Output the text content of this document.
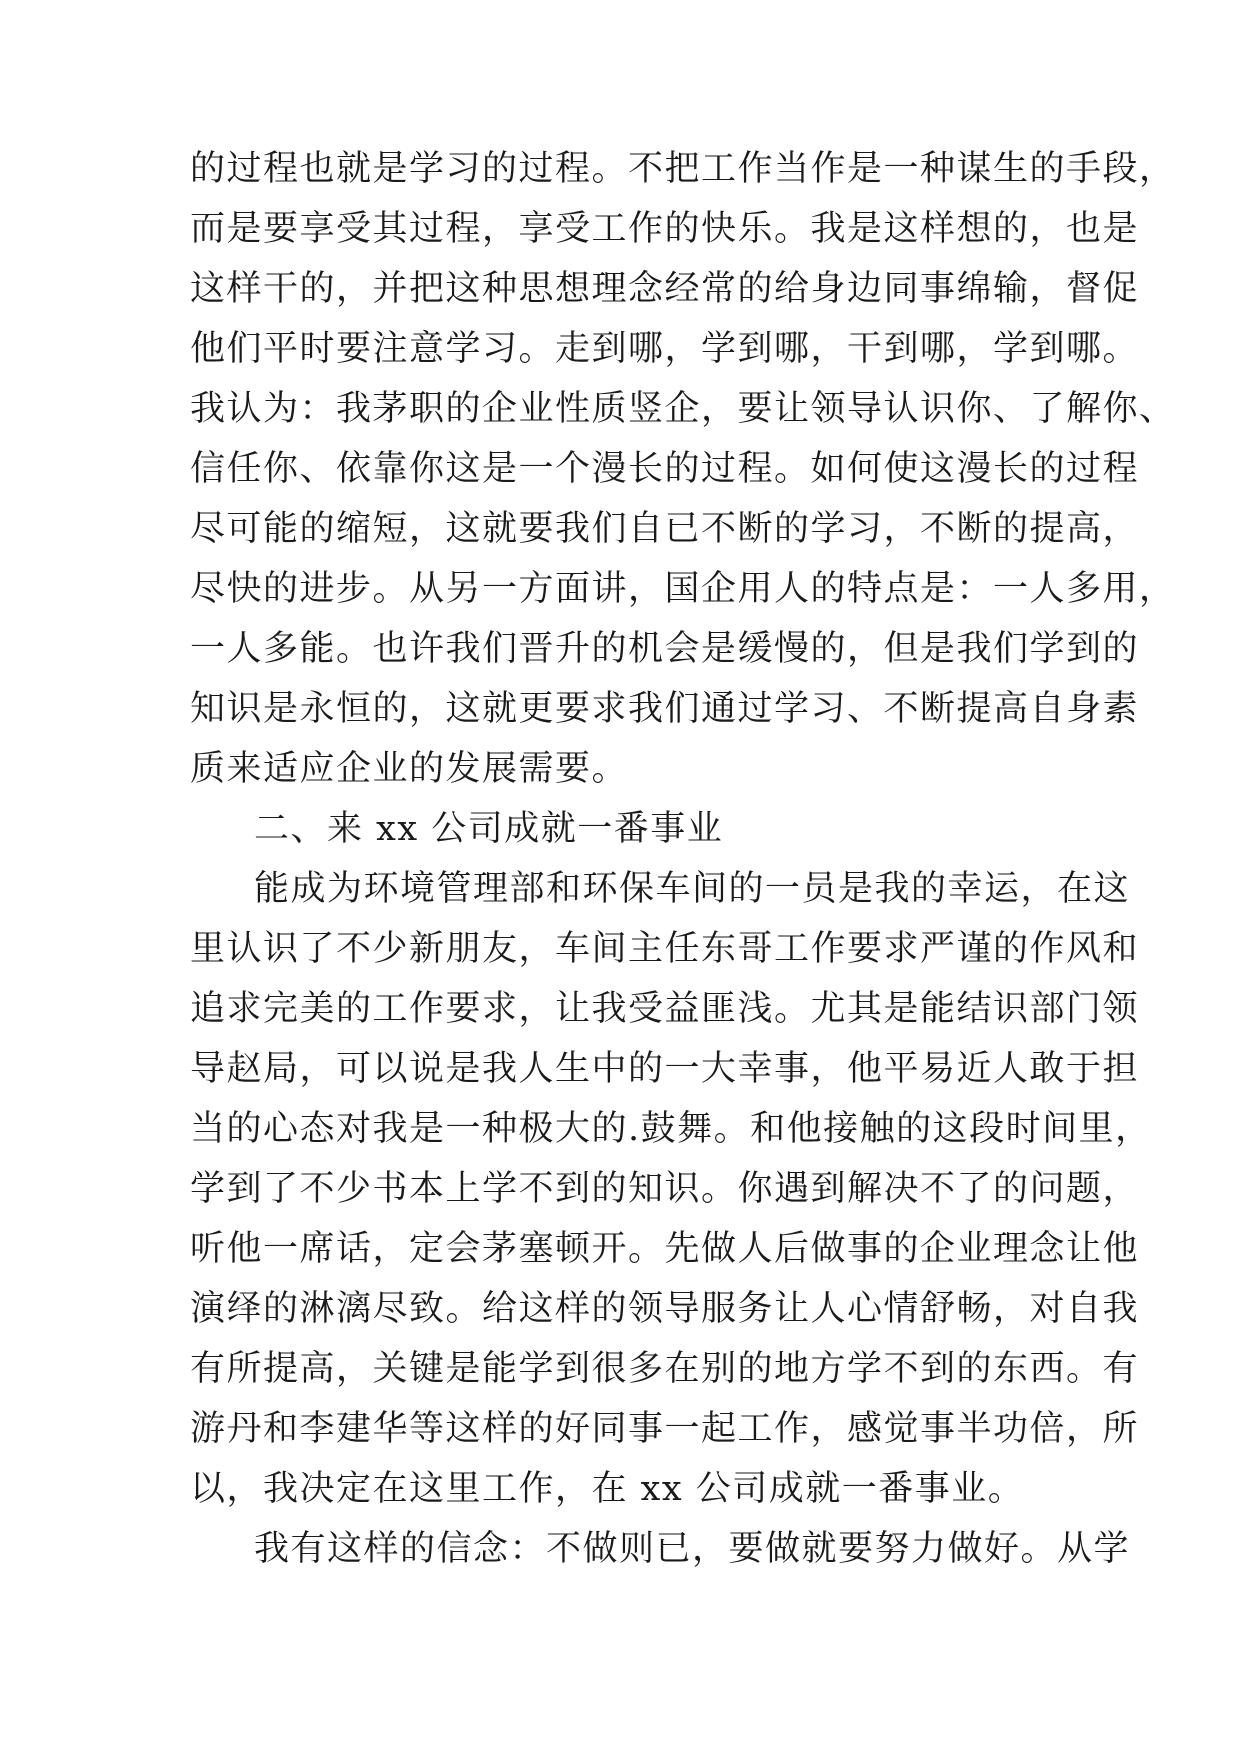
的过程也就是学习的过程。不把工作当作是一种谋生的手段，
而是要享受其过程，享受工作的快乐。我是这样想的，也是
这样干的，并把这种思想理念经常的给身边同事绵输，督促
他们平时要注意学习。走到哪，学到哪，干到哪，学到哪。
我认为：我茅职的企业性质竖企，要让领导认识你、了解你、
信任你、依靠你这是一个漫长的过程。如何使这漫长的过程
尽可能的缩短，这就要我们自已不断的学习，不断的提高，
尽快的进步。从另一方面讲，国企用人的特点是：一人多用，
一人多能。也许我们晋升的机会是缓慢的，但是我们学到的
知识是永恒的，这就更要求我们通过学习、不断提高自身素
质来适应企业的发展需要。
二、来 xx 公司成就一番事业
能成为环境管理部和环保车间的一员是我的幸运，在这
里认识了不少新朋友，车间主任东哥工作要求严谨的作风和
追求完美的工作要求，让我受益匪浅。尤其是能结识部门领
导赵局，可以说是我人生中的一大幸事，他平易近人敢于担
当的心态对我是一种极大的.鼓舞。和他接触的这段时间里，
学到了不少书本上学不到的知识。你遇到解决不了的问题，
听他一席话，定会茅塞顿开。先做人后做事的企业理念让他
演绎的淋漓尽致。给这样的领导服务让人心情舒畅，对自我
有所提高，关键是能学到很多在别的地方学不到的东西。有
游丹和李建华等这样的好同事一起工作，感觉事半功倍，所
以，我决定在这里工作，在 xx 公司成就一番事业。
我有这样的信念：不做则已，要做就要努力做好。从学
